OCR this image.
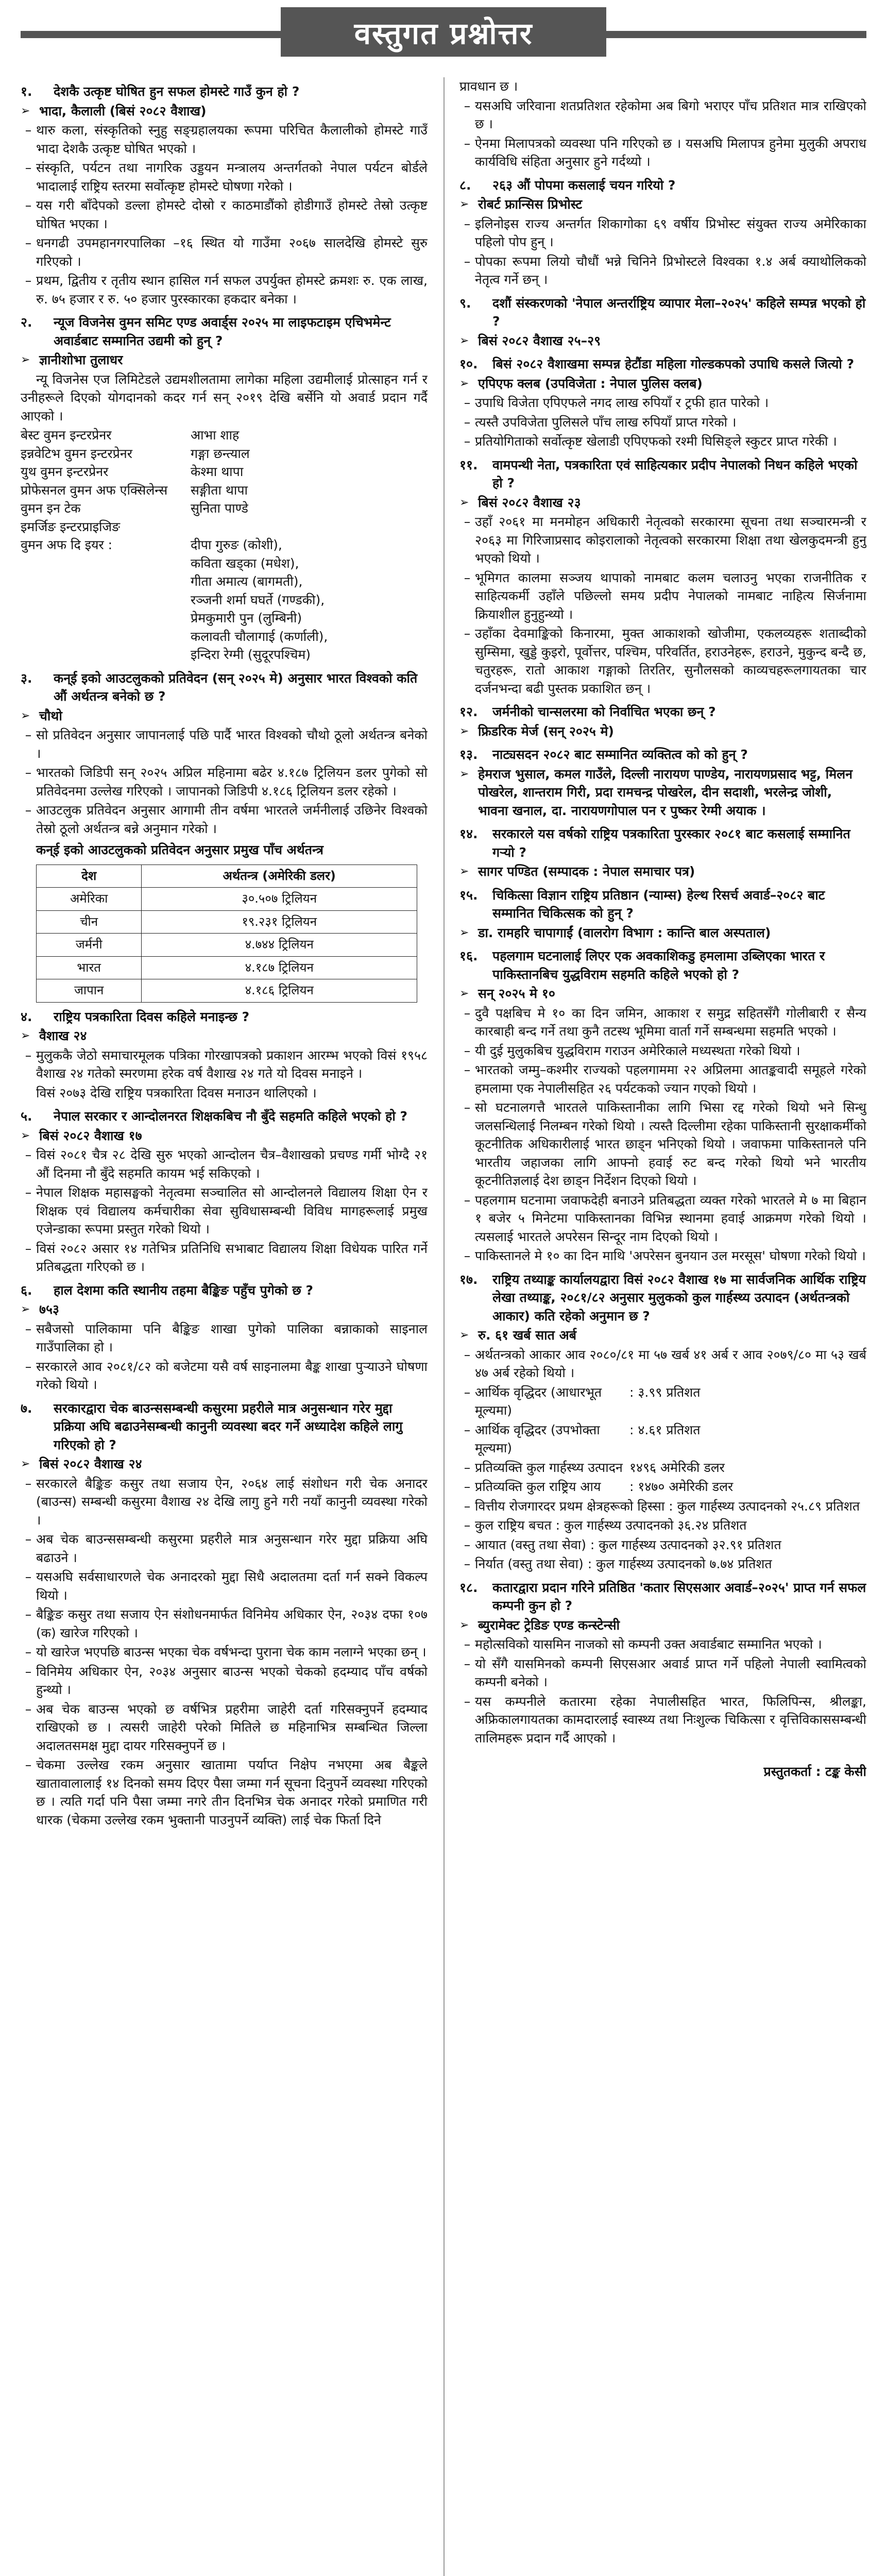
वस्तुगत प्रश्नोत्तर
१.	देशकै उत्कृष्ट घोषित हुन सफल होमस्टे गाउँ कुन हो ?
➢ भादा, कैलाली (बिसं २०८२ वैशाख)
– थारु कला, संस्कृतिको स्नुहु सङ्ग्रहालयका रूपमा परिचित कैलालीको होमस्टे गाउँ भादा देशकै उत्कृष्ट घोषित भएको ।
– संस्कृति, पर्यटन तथा नागरिक उड्डयन मन्त्रालय अन्तर्गतको नेपाल पर्यटन बोर्डले भादालाई राष्ट्रिय स्तरमा सर्वोत्कृष्ट होमस्टे घोषणा गरेको ।
– यस गरी बाँदेपको डल्ला होमस्टे दोस्रो र काठमाडौंको होडीगाउँ होमस्टे तेस्रो उत्कृष्ट घोषित भएका ।
– धनगढी उपमहानगरपालिका –१६ स्थित यो गाउँमा २०६७ सालदेखि होमस्टे सुरु गरिएको ।
– प्रथम, द्वितीय र तृतीय स्थान हासिल गर्न सफल उपर्युक्त होमस्टे क्रमशः रु. एक लाख, रु. ७५ हजार र रु. ५० हजार पुरस्कारका हकदार बनेका ।
२.	न्यूज विजनेस वुमन समिट एण्ड अवार्ड्स २०२५ मा लाइफटाइम एचिभमेन्ट अवार्डबाट सम्मानित उद्यमी को हुन् ?
➢ ज्ञानीशोभा तुलाधर
न्यू विजनेस एज लिमिटेडले उद्यमशीलतामा लागेका महिला उद्यमीलाई प्रोत्साहन गर्न र उनीहरूले दिएको योगदानको कदर गर्न सन् २०१९ देखि बर्सेनि यो अवार्ड प्रदान गर्दै आएको ।
बेस्ट वुमन इन्टरप्रेनर	आभा शाह
इन्नवेटिभ वुमन इन्टरप्रेनर	गङ्गा छन्त्याल
युथ वुमन इन्टरप्रेनर	केश्मा थापा
प्रोफेसनल वुमन अफ एक्सिलेन्स	सङ्गीता थापा
वुमन इन टेक	सुनिता पाण्डे
इमर्जिङ इन्टरप्राइजिङ
वुमन अफ दि इयर :	दीपा गुरुङ (कोशी),
कविता खड्का (मधेश),
गीता अमात्य (बागमती),
रञ्जनी शर्मा घघर्ते (गण्डकी),
प्रेमकुमारी पुन (लुम्बिनी)
कलावती चौलागाई (कर्णाली),
इन्दिरा रेग्मी (सुदूरपश्चिम)
३.	कन्ई इको आउटलुकको प्रतिवेदन (सन् २०२५ मे) अनुसार भारत विश्वको कति औं अर्थतन्त्र बनेको छ ?
➢ चौथो
– सो प्रतिवेदन अनुसार जापानलाई पछि पार्दै भारत विश्वको चौथो ठूलो अर्थतन्त्र बनेको ।
– भारतको जिडिपी सन् २०२५ अप्रिल महिनामा बढेर ४.१८७ ट्रिलियन डलर पुगेको सो प्रतिवेदनमा उल्लेख गरिएको । जापानको जिडिपी ४.१८६ ट्रिलियन डलर रहेको ।
– आउटलुक प्रतिवेदन अनुसार आगामी तीन वर्षमा भारतले जर्मनीलाई उछिनेर विश्वको तेस्रो ठूलो अर्थतन्त्र बन्ने अनुमान गरेको ।
कन्ई इको आउटलुकको प्रतिवेदन अनुसार प्रमुख पाँच अर्थतन्त्र
देश	अर्थतन्त्र (अमेरिकी डलर)
अमेरिका	३०.५०७ ट्रिलियन
चीन	१९.२३१ ट्रिलियन
जर्मनी	४.७४४ ट्रिलियन
भारत	४.१८७ ट्रिलियन
जापान	४.१८६ ट्रिलियन
४.	राष्ट्रिय पत्रकारिता दिवस कहिले मनाइन्छ ?
➢ वैशाख २४
– मुलुककै जेठो समाचारमूलक पत्रिका गोरखापत्रको प्रकाशन आरम्भ भएको विसं १९५८ वैशाख २४ गतेको स्मरणमा हरेक वर्ष वैशाख २४ गते यो दिवस मनाइने ।
विसं २०७३ देखि राष्ट्रिय पत्रकारिता दिवस मनाउन थालिएको ।
५.	नेपाल सरकार र आन्दोलनरत शिक्षकबिच नौ बुँदे सहमति कहिले भएको हो ?
➢ बिसं २०८२ वैशाख १७
– विसं २०८१ चैत्र २८ देखि सुरु भएको आन्दोलन चैत्र–वैशाखको प्रचण्ड गर्मी भोग्दै २१ औं दिनमा नौ बुँदे सहमति कायम भई सकिएको ।
– नेपाल शिक्षक महासङ्घको नेतृत्वमा सञ्चालित सो आन्दोलनले विद्यालय शिक्षा ऐन र शिक्षक एवं विद्यालय कर्मचारीका सेवा सुविधासम्बन्धी विविध मागहरूलाई प्रमुख एजेन्डाका रूपमा प्रस्तुत गरेको थियो ।
– विसं २०८२ असार १४ गतेभित्र प्रतिनिधि सभाबाट विद्यालय शिक्षा विधेयक पारित गर्ने प्रतिबद्धता गरिएको छ ।
६.	हाल देशमा कति स्थानीय तहमा बैङ्किङ पहुँच पुगेको छ ?
➢ ७५३
– सबैजसो पालिकामा पनि बैङ्किङ शाखा पुगेको पालिका बन्नाकाको साइनाल गाउँपालिका हो ।
– सरकारले आव २०८१/८२ को बजेटमा यसै वर्ष साइनालमा बैङ्क शाखा पुऱ्याउने घोषणा गरेको थियो ।
७.	सरकारद्वारा चेक बाउन्ससम्बन्धी कसुरमा प्रहरीले मात्र अनुसन्धान गरेर मुद्दा प्रक्रिया अघि बढाउनेसम्बन्धी कानुनी व्यवस्था बदर गर्ने अध्यादेश कहिले लागु गरिएको हो ?
➢ बिसं २०८२ वैशाख २४
– सरकारले बैङ्किङ कसुर तथा सजाय ऐन, २०६४ लाई संशोधन गरी चेक अनादर (बाउन्स) सम्बन्धी कसुरमा वैशाख २४ देखि लागु हुने गरी नयाँ कानुनी व्यवस्था गरेको ।
– अब चेक बाउन्ससम्बन्धी कसुरमा प्रहरीले मात्र अनुसन्धान गरेर मुद्दा प्रक्रिया अघि बढाउने ।
– यसअघि सर्वसाधारणले चेक अनादरको मुद्दा सिधै अदालतमा दर्ता गर्न सक्ने विकल्प थियो ।
– बैङ्किङ कसुर तथा सजाय ऐन संशोधनमार्फत विनिमेय अधिकार ऐन, २०३४ दफा १०७ (क) खारेज गरिएको ।
– यो खारेज भएपछि बाउन्स भएका चेक वर्षभन्दा पुराना चेक काम नलाग्ने भएका छन् ।
– विनिमेय अधिकार ऐन, २०३४ अनुसार बाउन्स भएको चेकको हदम्याद पाँच वर्षको हुन्थ्यो ।
– अब चेक बाउन्स भएको छ वर्षभित्र प्रहरीमा जाहेरी दर्ता गरिसक्नुपर्ने हदम्याद राखिएको छ । त्यसरी जाहेरी परेको मितिले छ महिनाभित्र सम्बन्धित जिल्ला अदालतसमक्ष मुद्दा दायर गरिसक्नुपर्ने छ ।
– चेकमा उल्लेख रकम अनुसार खातामा पर्याप्त निक्षेप नभएमा अब बैङ्कले खातावालालाई १४ दिनको समय दिएर पैसा जम्मा गर्न सूचना दिनुपर्ने व्यवस्था गरिएको छ । त्यति गर्दा पनि पैसा जम्मा नगरे तीन दिनभित्र चेक अनादर गरेको प्रमाणित गरी धारक (चेकमा उल्लेख रकम भुक्तानी पाउनुपर्ने व्यक्ति) लाई चेक फिर्ता दिने
प्रावधान छ ।
– यसअघि जरिवाना शतप्रतिशत रहेकोमा अब बिगो भराएर पाँच प्रतिशत मात्र राखिएको छ ।
– ऐनमा मिलापत्रको व्यवस्था पनि गरिएको छ । यसअघि मिलापत्र हुनेमा मुलुकी अपराध कार्यविधि संहिता अनुसार हुने गर्दथ्यो ।
८.	२६३ औं पोपमा कसलाई चयन गरियो ?
➢ रोबर्ट फ्रान्सिस प्रिभोस्ट
– इलिनोइस राज्य अन्तर्गत शिकागोका ६९ वर्षीय प्रिभोस्ट संयुक्त राज्य अमेरिकाका पहिलो पोप हुन् ।
– पोपका रूपमा लियो चौधौं भन्ने चिनिने प्रिभोस्टले विश्वका १.४ अर्ब क्याथोलिकको नेतृत्व गर्ने छन् ।
९.	दशौं संस्करणको 'नेपाल अन्तर्राष्ट्रिय व्यापार मेला–२०२५' कहिले सम्पन्न भएको हो ?
➢ बिसं २०८२ वैशाख २५–२९
१०.	बिसं २०८२ वैशाखमा सम्पन्न हेटौंडा महिला गोल्डकपको उपाधि कसले जित्यो ?
➢ एपिएफ क्लब (उपविजेता : नेपाल पुलिस क्लब)
– उपाधि विजेता एपिएफले नगद लाख रुपियाँ र ट्रफी हात पारेको ।
– त्यस्तै उपविजेता पुलिसले पाँच लाख रुपियाँ प्राप्त गरेको ।
– प्रतियोगिताको सर्वोत्कृष्ट खेलाडी एपिएफको रश्मी घिसिङ्ले स्कुटर प्राप्त गरेकी ।
११.	वामपन्थी नेता, पत्रकारिता एवं साहित्यकार प्रदीप नेपालको निधन कहिले भएको हो ?
➢ बिसं २०८२ वैशाख २३
– उहाँ २०६१ मा मनमोहन अधिकारी नेतृत्वको सरकारमा सूचना तथा सञ्चारमन्त्री र २०६३ मा गिरिजाप्रसाद कोइरालाको नेतृत्वको सरकारमा शिक्षा तथा खेलकुदमन्त्री हुनु भएको थियो ।
– भूमिगत कालमा सञ्जय थापाको नामबाट कलम चलाउनु भएका राजनीतिक र साहित्यकर्मी उहाँले पछिल्लो समय प्रदीप नेपालको नामबाट नाहित्य सिर्जनामा क्रियाशील हुनुहुन्थ्यो ।
– उहाँका देवमाङ्किको किनारमा, मुक्त आकाशको खोजीमा, एकलव्यहरू शताब्दीको सुम्सिमा, खुड्डे कुइरो, पूर्वोत्तर, पश्चिम, परिवर्तित, हराउनेहरू, हराउने, मुकुन्द बन्दै छ, चतुरहरू, रातो आकाश गङ्गाको तिरतिर, सुनौलसको काव्यचहरूलगायतका चार दर्जनभन्दा बढी पुस्तक प्रकाशित छन् ।
१२.	जर्मनीको चान्सलरमा को निर्वाचित भएका छन् ?
➢ फ्रिडरिक मेर्ज (सन् २०२५ मे)
१३.	नाट्यसदन २०८२ बाट सम्मानित व्यक्तित्व को को हुन् ?
➢ हेमराज भुसाल, कमल गाउँले, दिल्ली नारायण पाण्डेय, नारायणप्रसाद भट्ट, मिलन पोखरेल, शान्तराम गिरी, प्रदा रामचन्द्र पोखरेल, दीन सदाशी, भरलेन्द्र जोशी, भावना खनाल, दा. नारायणगोपाल पन र पुष्कर रेग्मी अयाक ।
१४.	सरकारले यस वर्षको राष्ट्रिय पत्रकारिता पुरस्कार २०८१ बाट कसलाई सम्मानित गऱ्यो ?
➢ सागर पण्डित (सम्पादक : नेपाल समाचार पत्र)
१५.	चिकित्सा विज्ञान राष्ट्रिय प्रतिष्ठान (न्याम्स) हेल्थ रिसर्च अवार्ड–२०८२ बाट सम्मानित चिकित्सक को हुन् ?
➢ डा. रामहरि चापागाईं (वालरोग विभाग : कान्ति बाल अस्पताल)
१६.	पहलगाम घटनालाई लिएर एक अवकाशिकडु हमलामा उब्लिएका भारत र पाकिस्तानबिच युद्धविराम सहमति कहिले भएको हो ?
➢ सन् २०२५ मे १०
– दुवै पक्षबिच मे १० का दिन जमिन, आकाश र समुद्र सहितसँगै गोलीबारी र सैन्य कारबाही बन्द गर्ने तथा कुनै तटस्थ भूमिमा वार्ता गर्ने सम्बन्धमा सहमति भएको ।
– यी दुई मुलुकबिच युद्धविराम गराउन अमेरिकाले मध्यस्थता गरेको थियो ।
– भारतको जम्मु–कश्मीर राज्यको पहलगाममा २२ अप्रिलमा आतङ्कवादी समूहले गरेको हमलामा एक नेपालीसहित २६ पर्यटकको ज्यान गएको थियो ।
– सो घटनालगत्तै भारतले पाकिस्तानीका लागि भिसा रद्द गरेको थियो भने सिन्धु जलसन्धिलाई निलम्बन गरेको थियो । त्यस्तै दिल्लीमा रहेका पाकिस्तानी सुरक्षाकर्मीको कूटनीतिक अधिकारीलाई भारत छाड्न भनिएको थियो । जवाफमा पाकिस्तानले पनि भारतीय जहाजका लागि आफ्नो हवाई रुट बन्द गरेको थियो भने भारतीय कूटनीतिज्ञलाई देश छाड्न निर्देशन दिएको थियो ।
– पहलगाम घटनामा जवाफदेही बनाउने प्रतिबद्धता व्यक्त गरेको भारतले मे ७ मा बिहान १ बजेर ५ मिनेटमा पाकिस्तानका विभिन्न स्थानमा हवाई आक्रमण गरेको थियो । त्यसलाई भारतले अपरेसन सिन्दूर नाम दिएको थियो ।
– पाकिस्तानले मे १० का दिन माथि 'अपरेसन बुनयान उल मरसूस' घोषणा गरेको थियो ।
१७.	राष्ट्रिय तथ्याङ्क कार्यालयद्वारा विसं २०८२ वैशाख १७ मा सार्वजनिक आर्थिक राष्ट्रिय लेखा तथ्याङ्क, २०८१/८२ अनुसार मुलुकको कुल गार्हस्थ्य उत्पादन (अर्थतन्त्रको आकार) कति रहेको अनुमान छ ?
➢ रु. ६१ खर्ब सात अर्ब
– अर्थतन्त्रको आकार आव २०८०/८१ मा ५७ खर्ब ४१ अर्ब र आव २०७९/८० मा ५३ खर्ब ४७ अर्ब रहेको थियो ।
– आर्थिक वृद्धिदर (आधारभूत मूल्यमा)
: ३.९९ प्रतिशत
– आर्थिक वृद्धिदर (उपभोक्ता मूल्यमा)
: ४.६१ प्रतिशत
– प्रतिव्यक्ति कुल गार्हस्थ्य उत्पादन १४९६ अमेरिकी डलर
– प्रतिव्यक्ति कुल राष्ट्रिय आय	: १४७० अमेरिकी डलर
– वित्तीय रोजगारदर प्रथम क्षेत्रहरूको हिस्सा : कुल गार्हस्थ्य उत्पादनको २५.८९ प्रतिशत
– कुल राष्ट्रिय बचत : कुल गार्हस्थ्य उत्पादनको ३६.२४ प्रतिशत
– आयात (वस्तु तथा सेवा) : कुल गार्हस्थ्य उत्पादनको ३२.९१ प्रतिशत
– निर्यात (वस्तु तथा सेवा) : कुल गार्हस्थ्य उत्पादनको ७.७४ प्रतिशत
१८.	कतारद्वारा प्रदान गरिने प्रतिष्ठित 'कतार सिएसआर अवार्ड–२०२५' प्राप्त गर्न सफल कम्पनी कुन हो ?
➢ ब्युरामेक्ट ट्रेडिङ एण्ड कन्स्टेन्सी
– महोत्सविको यासमिन नाजको सो कम्पनी उक्त अवार्डबाट सम्मानित भएको ।
– यो सँगै यासमिनको कम्पनी सिएसआर अवार्ड प्राप्त गर्ने पहिलो नेपाली स्वामित्वको कम्पनी बनेको ।
– यस कम्पनीले कतारमा रहेका नेपालीसहित भारत, फिलिपिन्स, श्रीलङ्का, अफ्रिकालगायतका कामदारलाई स्वास्थ्य तथा निःशुल्क चिकित्सा र वृत्तिविकाससम्बन्धी तालिमहरू प्रदान गर्दै आएको ।
प्रस्तुतकर्ता : टङ्क केसी
